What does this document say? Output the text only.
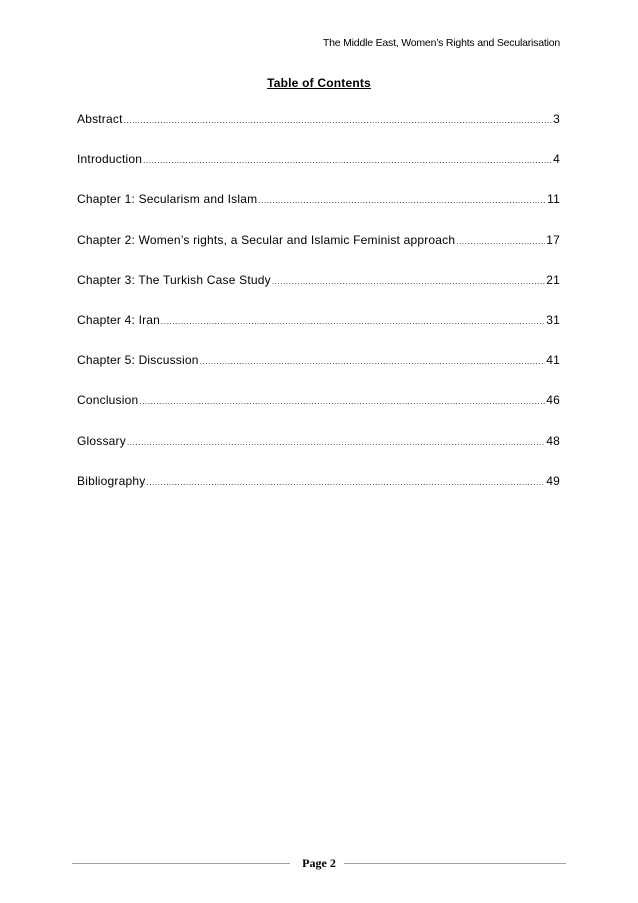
The Middle East, Women’s Rights and Secularisation
Table of Contents
Abstract .....	3
Introduction .....	4
Chapter 1: Secularism and Islam .....	11
Chapter 2: Women’s rights, a Secular and Islamic Feminist approach .....	17
Chapter 3: The Turkish Case Study .....	21
Chapter 4: Iran .....	31
Chapter 5: Discussion .....	41
Conclusion .....	46
Glossary .....	48
Bibliography .....	49
Page 2
